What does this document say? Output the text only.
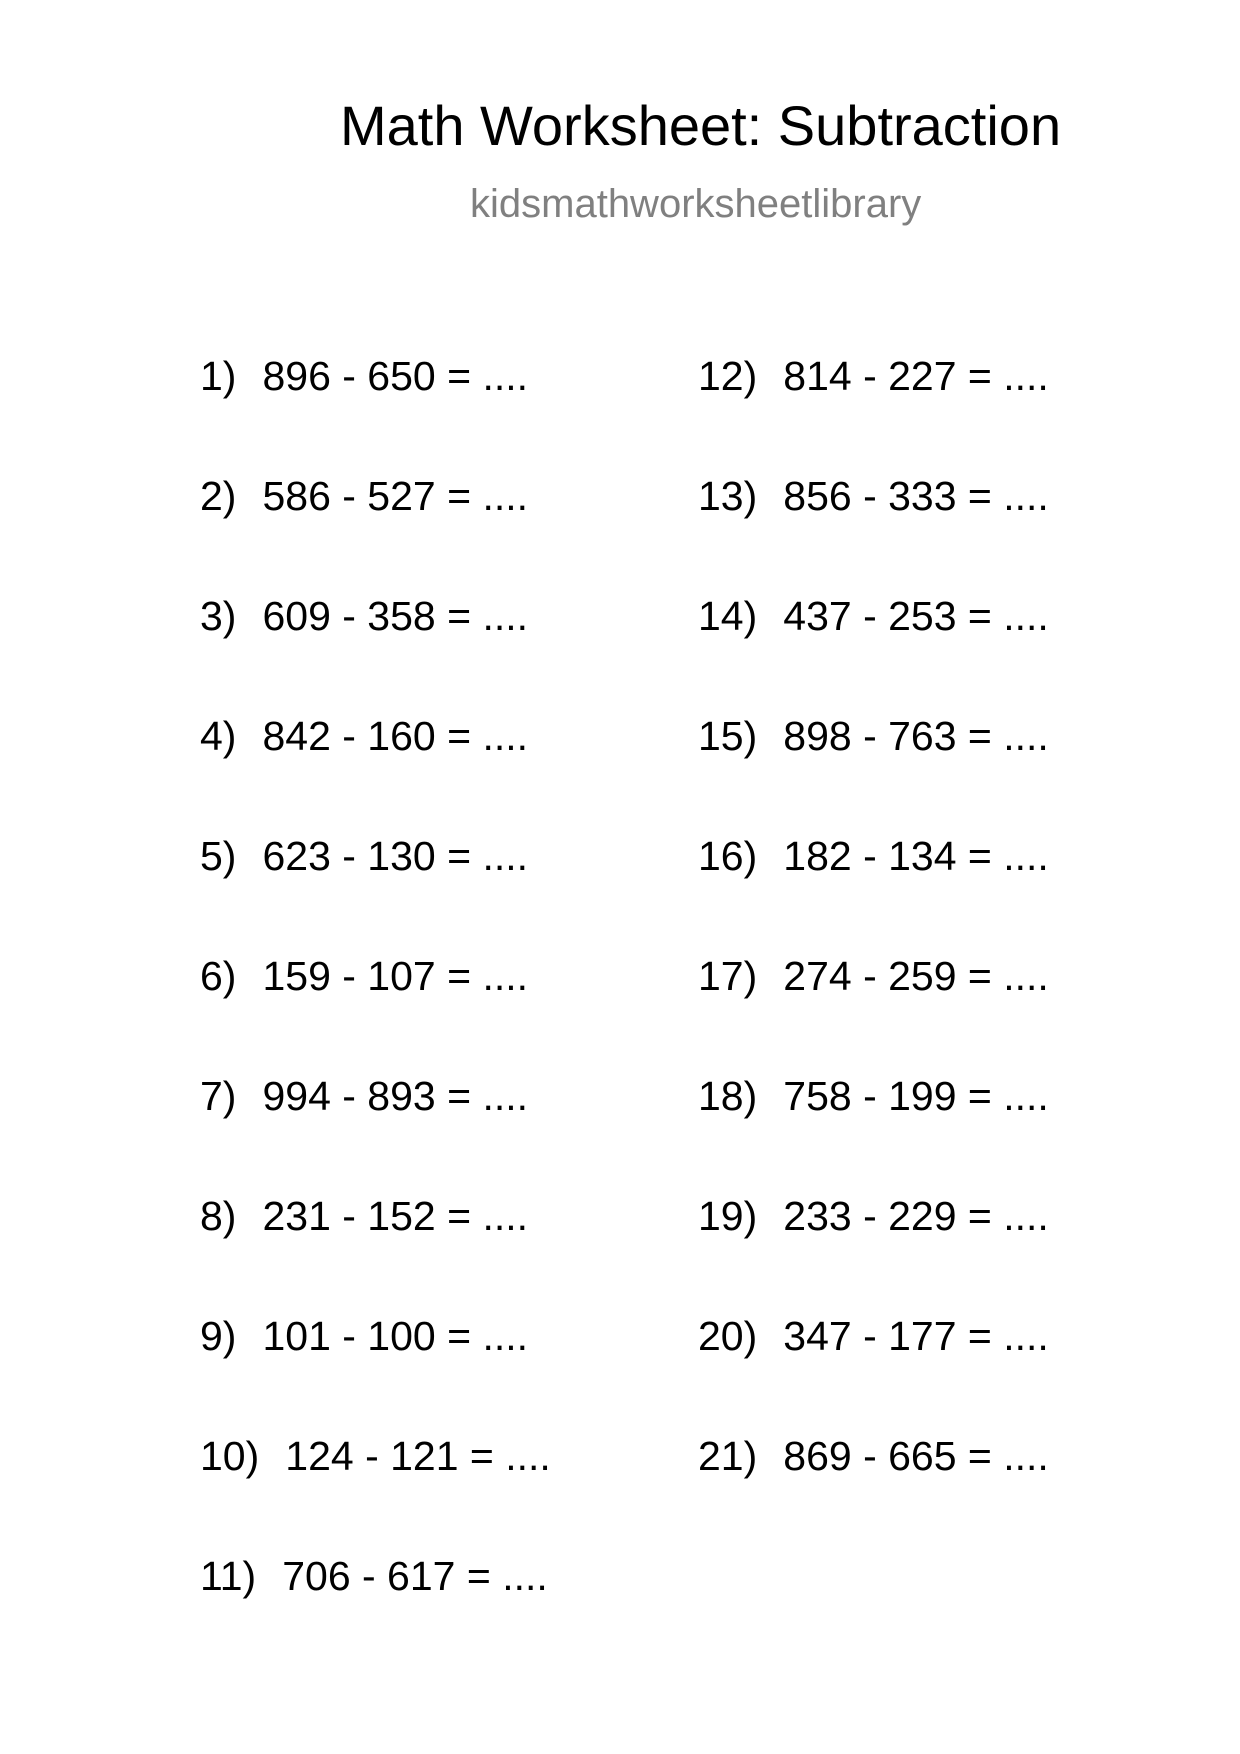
Math Worksheet: Subtraction
kidsmathworksheetlibrary
1) 896 - 650 = ....
2) 586 - 527 = ....
3) 609 - 358 = ....
4) 842 - 160 = ....
5) 623 - 130 = ....
6) 159 - 107 = ....
7) 994 - 893 = ....
8) 231 - 152 = ....
9) 101 - 100 = ....
10) 124 - 121 = ....
11) 706 - 617 = ....
12) 814 - 227 = ....
13) 856 - 333 = ....
14) 437 - 253 = ....
15) 898 - 763 = ....
16) 182 - 134 = ....
17) 274 - 259 = ....
18) 758 - 199 = ....
19) 233 - 229 = ....
20) 347 - 177 = ....
21) 869 - 665 = ....
